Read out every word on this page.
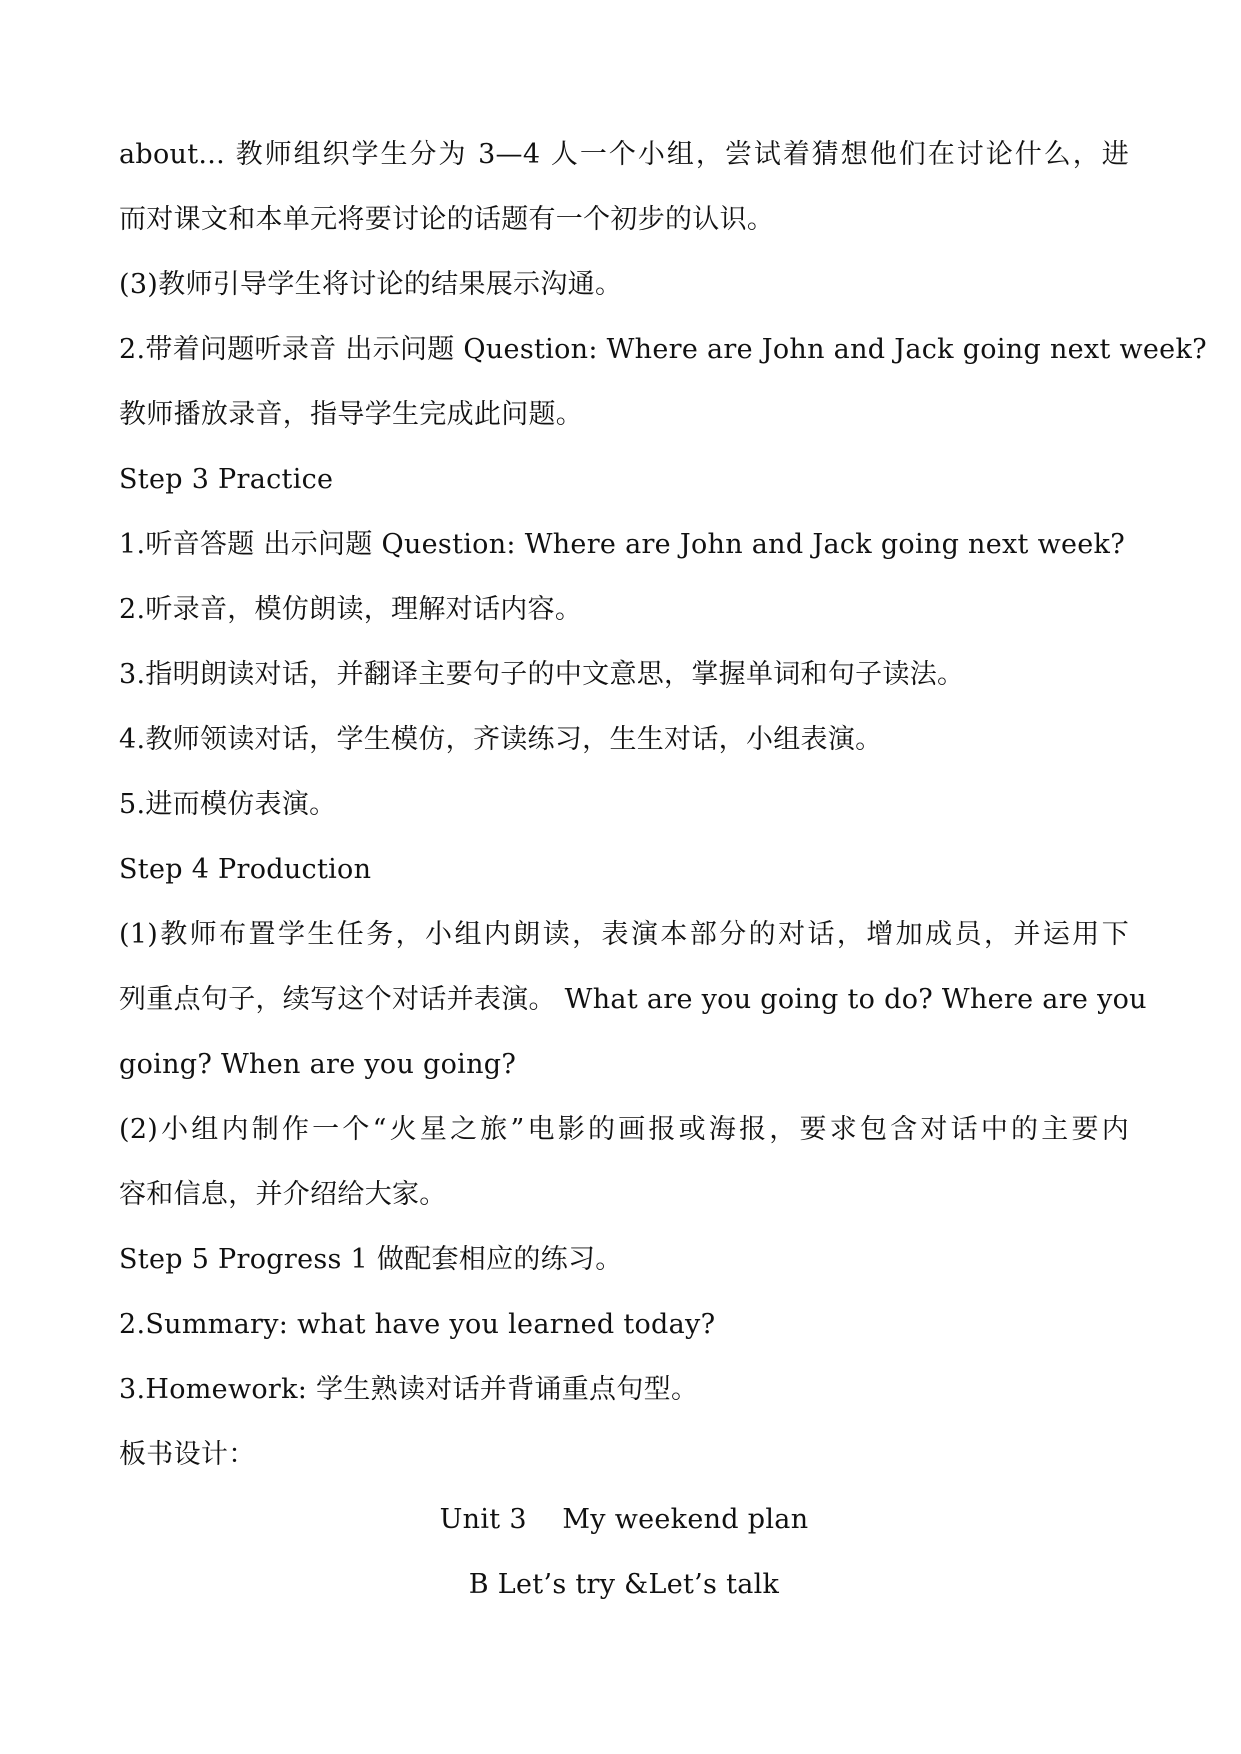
about... 教师组织学生分为 3—4 人一个小组，尝试着猜想他们在讨论什么，进
而对课文和本单元将要讨论的话题有一个初步的认识。
(3)教师引导学生将讨论的结果展示沟通。
2.带着问题听录音 出示问题 Question: Where are John and Jack going next week?
教师播放录音，指导学生完成此问题。
Step 3 Practice
1.听音答题 出示问题 Question: Where are John and Jack going next week?
2.听录音，模仿朗读，理解对话内容。
3.指明朗读对话，并翻译主要句子的中文意思，掌握单词和句子读法。
4.教师领读对话，学生模仿，齐读练习，生生对话，小组表演。
5.进而模仿表演。
Step 4 Production
(1)教师布置学生任务，小组内朗读，表演本部分的对话，增加成员，并运用下
列重点句子，续写这个对话并表演。 What are you going to do? Where are you
going? When are you going?
(2)小组内制作一个“火星之旅”电影的画报或海报，要求包含对话中的主要内
容和信息，并介绍给大家。
Step 5 Progress 1 做配套相应的练习。
2.Summary: what have you learned today?
3.Homework: 学生熟读对话并背诵重点句型。
板书设计：
Unit 3    My weekend plan
B Let’s try &Let’s talk
